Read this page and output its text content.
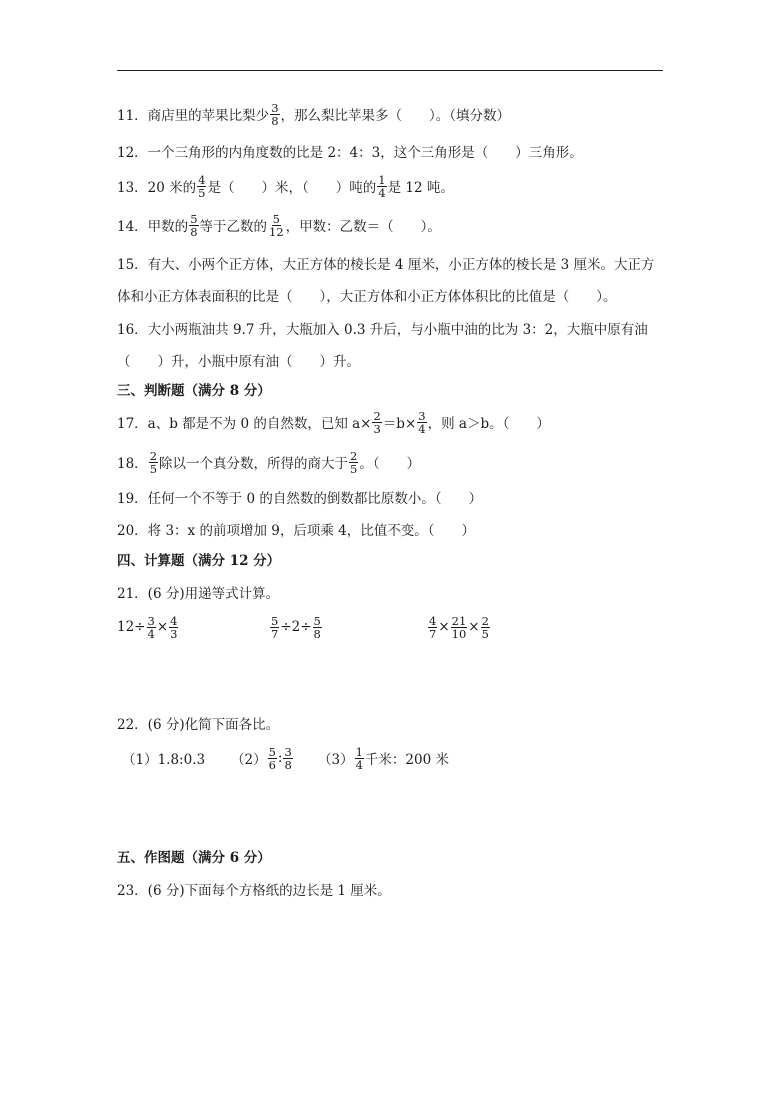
11．商店里的苹果比梨少 $\frac{3}{8}$ ，那么梨比苹果多（　　）。（填分数）
12．一个三角形的内角度数的比是 2：4：3，这个三角形是（　　）三角形。
13．20 米的 $\frac{4}{5}$ 是（　　）米，（　　）吨的 $\frac{1}{4}$ 是 12 吨。
14．甲数的 $\frac{5}{8}$ 等于乙数的 $\frac{5}{12}$ ，甲数：乙数＝（　　）。
15．有大、小两个正方体，大正方体的棱长是 4 厘米，小正方体的棱长是 3 厘米。大正方
体和小正方体表面积的比是（　　），大正方体和小正方体体积比的比值是（　　）。
16．大小两瓶油共 9.7 升，大瓶加入 0.3 升后，与小瓶中油的比为 3：2，大瓶中原有油
（　　）升，小瓶中原有油（　　）升。
三、判断题（满分 8 分）
17．a、b 都是不为 0 的自然数，已知 $a\times \frac{2}{3} =b\times \frac{3}{4}$ ，则 a＞b。（　　）
18． $\frac{2}{5}$ 除以一个真分数，所得的商大于 $\frac{2}{5}$ 。（　　）
19．任何一个不等于 0 的自然数的倒数都比原数小。（　　）
20．将 3：x 的前项增加 9，后项乘 4，比值不变。（　　）
四、计算题（满分 12 分）
21．(6 分)用递等式计算。
$12\div \frac{3}{4} \times \frac{4}{3}$	$\frac{5}{7} \div 2\div \frac{5}{8}$	$\frac{4}{7} \times \frac{21}{10} \times \frac{2}{5}$
22．(6 分)化简下面各比。
（1）1.8:0.3 $(2) \frac{5}{6}$ : $\frac{3}{8} (3) \frac{1}{4}$ 千米：200 米
五、作图题（满分 6 分）
23．(6 分)下面每个方格纸的边长是 1 厘米。
